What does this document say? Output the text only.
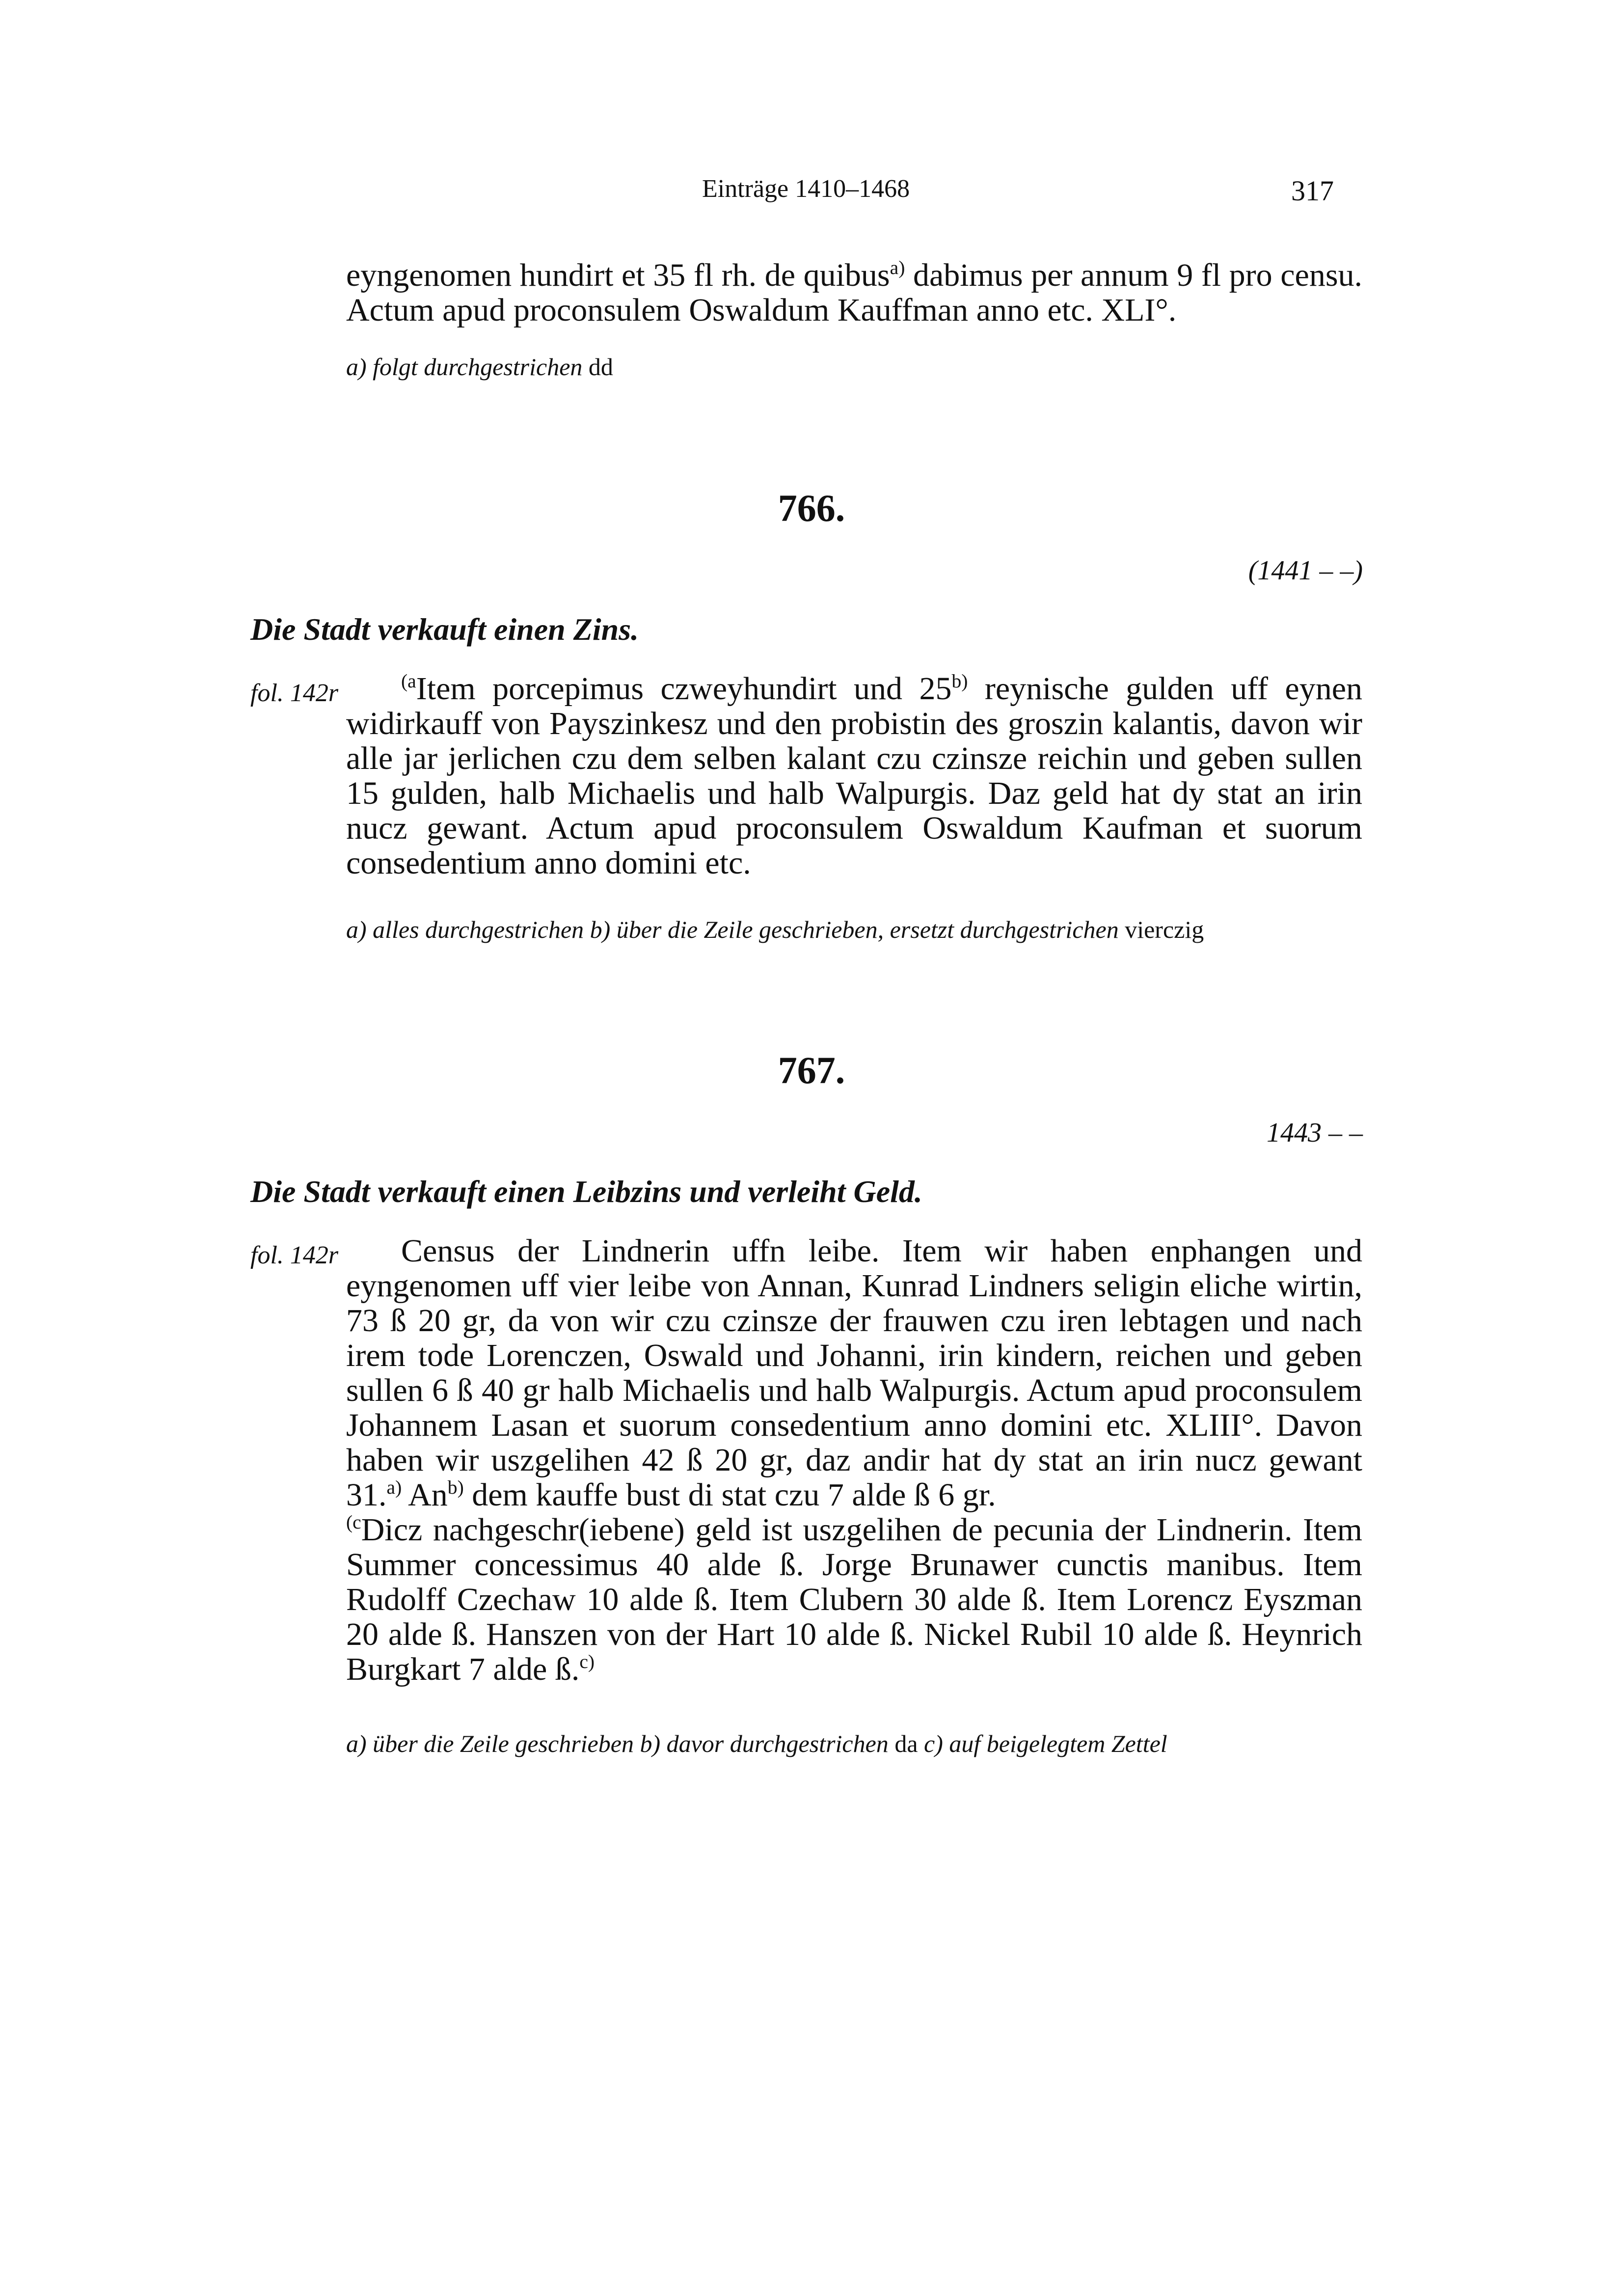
Einträge 1410–1468	317

eyngenomen hundirt et 35 fl rh. de quibus$^{a)}$ dabimus per annum 9 fl pro censu. Actum apud proconsulem Oswaldum Kauffman anno etc. XLI°.

a) folgt durchgestrichen dd
766.
(1441 – –)
Die Stadt verkauft einen Zins.
fol. 142r	$^{(a}$Item porcepimus czweyhundirt und 25$^{b)}$ reynische gulden uff eynen widirkauff von Payszinkesz und den probistin des groszin kalantis, davon wir alle jar jerlichen czu dem selben kalant czu czinsze reichin und geben sullen 15 gulden, halb Michaelis und halb Walpurgis. Daz geld hat dy stat an irin nucz gewant. Actum apud proconsulem Oswaldum Kaufman et suorum consedentium anno domini etc.

a) alles durchgestrichen b) über die Zeile geschrieben, ersetzt durchgestrichen vierczig
767.
1443 – –
Die Stadt verkauft einen Leibzins und verleiht Geld.
fol. 142r	Census der Lindnerin uffn leibe. Item wir haben enphangen und eyngenomen uff vier leibe von Annan, Kunrad Lindners seligin eliche wirtin, 73 ß 20 gr, da von wir czu czinsze der frauwen czu iren lebtagen und nach irem tode Lorenczen, Oswald und Johanni, irin kindern, reichen und geben sullen 6 ß 40 gr halb Michaelis und halb Walpurgis. Actum apud proconsulem Johannem Lasan et suorum consedentium anno domini etc. XLIII°. Davon haben wir uszgelihen 42 ß 20 gr, daz andir hat dy stat an irin nucz gewant 31.$^{a)}$ An$^{b)}$ dem kauffe bust di stat czu 7 alde ß 6 gr.

$^{(c}$Dicz nachgeschr(iebene) geld ist uszgelihen de pecunia der Lindnerin. Item Summer concessimus 40 alde ß. Jorge Brunawer cunctis manibus. Item Rudolff Czechaw 10 alde ß. Item Clubern 30 alde ß. Item Lorencz Eyszman 20 alde ß. Hanszen von der Hart 10 alde ß. Nickel Rubil 10 alde ß. Heynrich Burgkart 7 alde ß.$^{c)}$

a) über die Zeile geschrieben b) davor durchgestrichen da c) auf beigelegtem Zettel
